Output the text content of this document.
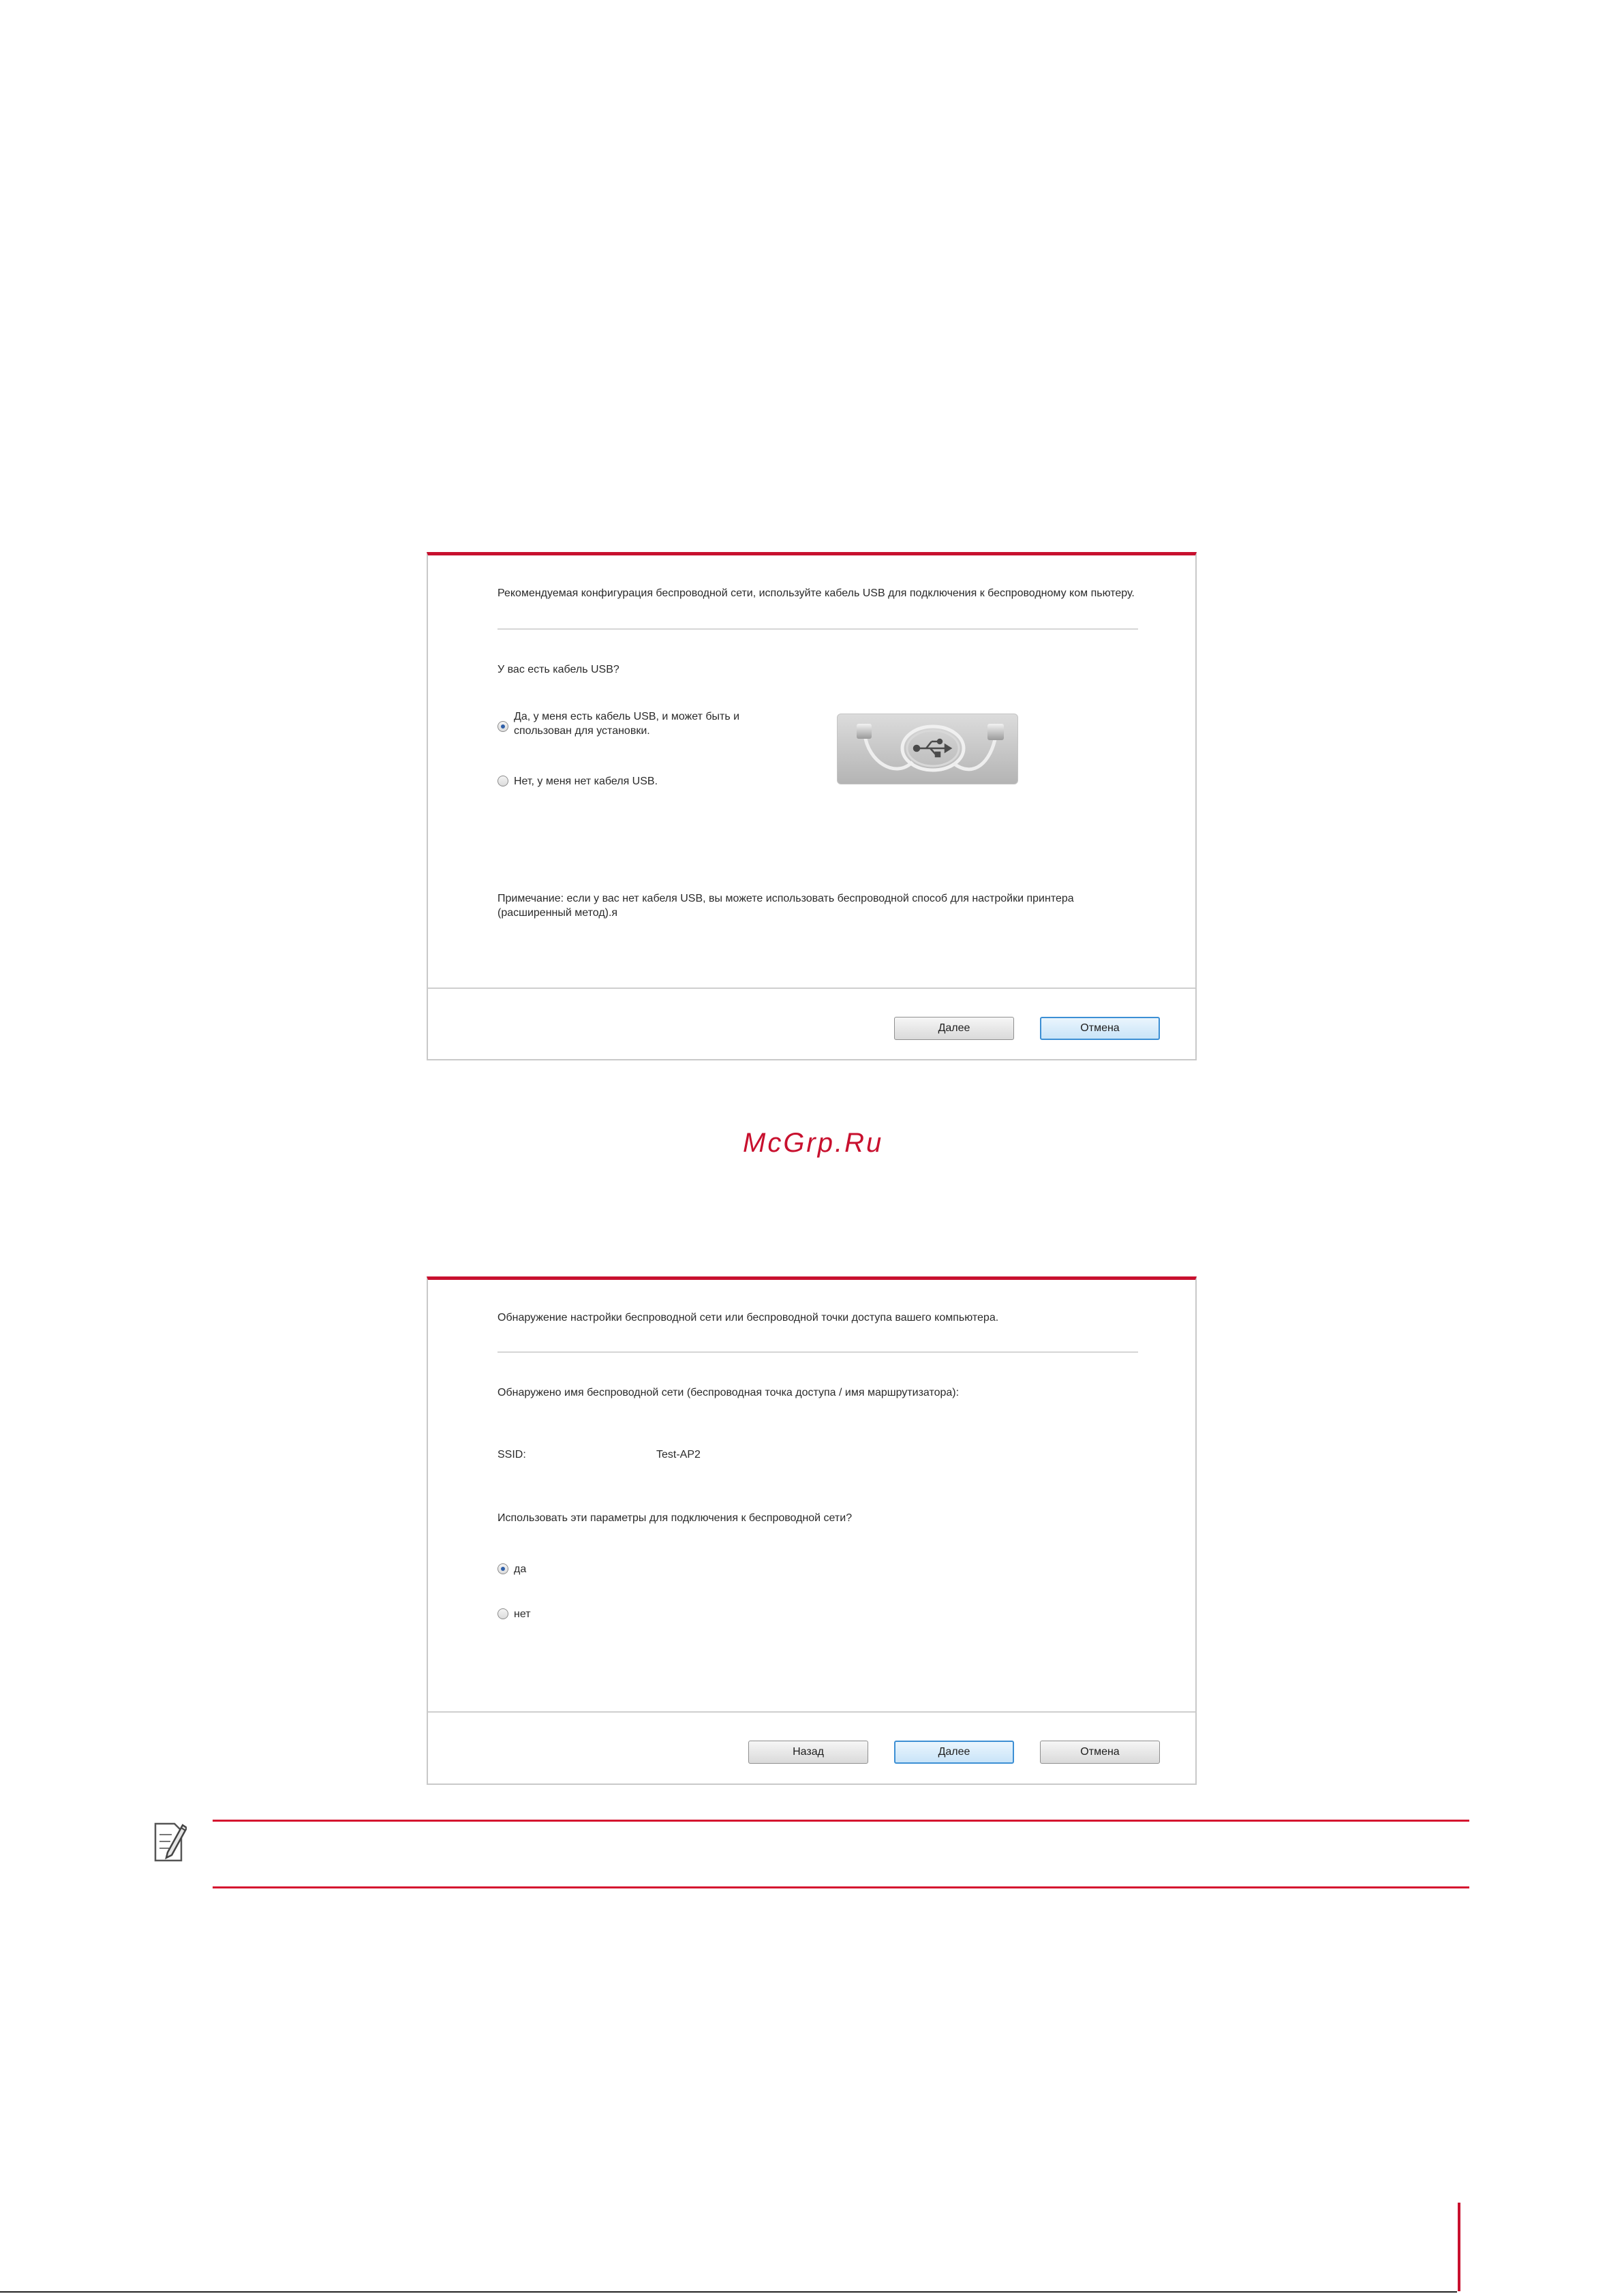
Рекомендуемая конфигурация беспроводной сети, используйте кабель USB для подключения к беспроводному ком пьютеру.
У вас есть кабель USB?
Да, у меня есть кабель USB, и может быть и спользован для установки.
Нет, у меня нет кабеля USB.
Примечание: если у вас нет кабеля USB, вы можете использовать беспроводной способ для настройки принтера (расширенный метод).я
Далее	Отмена
McGrp.Ru
Обнаружение настройки беспроводной сети или беспроводной точки доступа вашего компьютера.
Обнаружено имя беспроводной сети (беспроводная точка доступа / имя маршрутизатора):
SSID:	Test-AP2
Использовать эти параметры для подключения к беспроводной сети?
да
нет
Назад	Далее	Отмена
